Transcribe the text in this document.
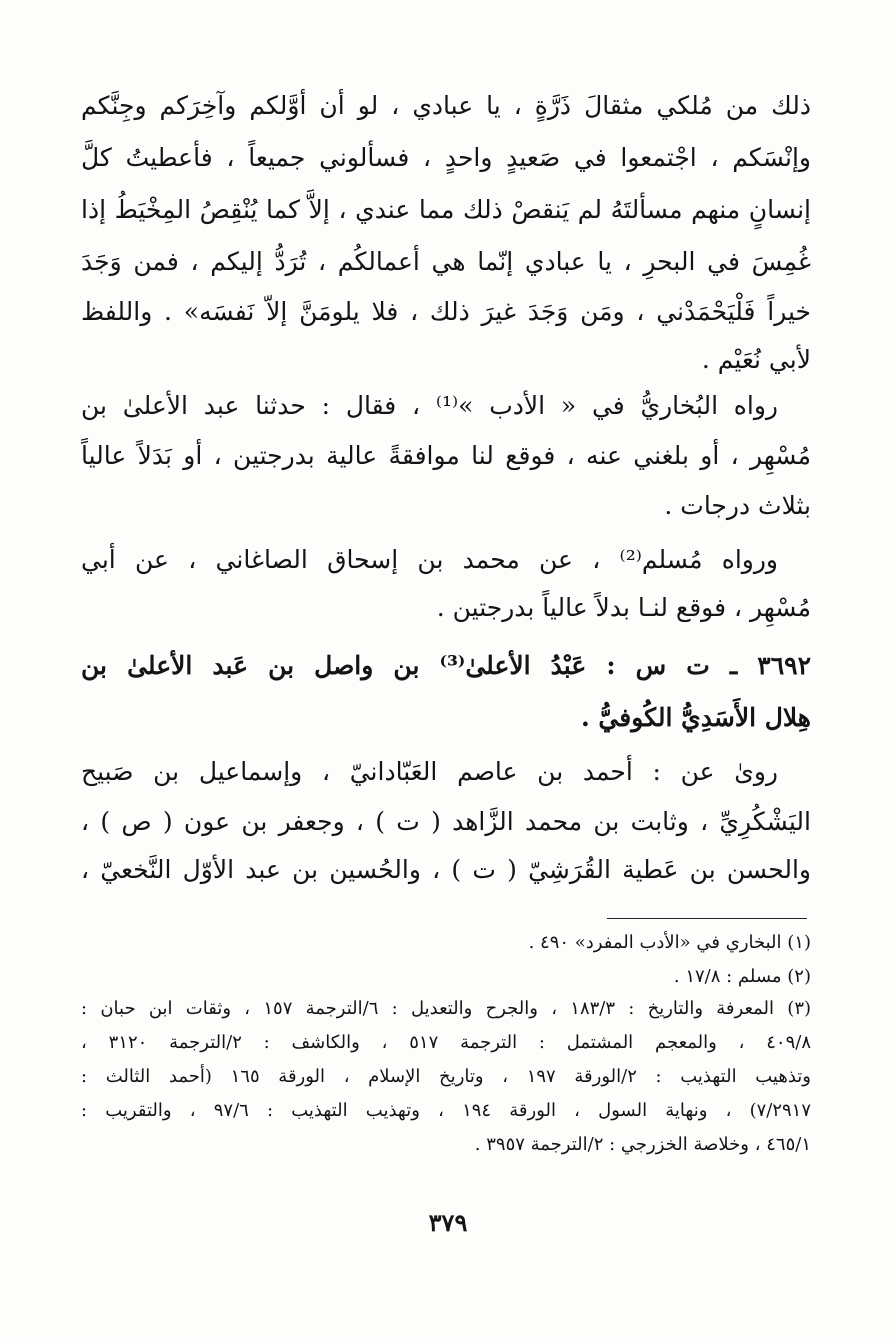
ذلك من مُلكي مثقالَ ذَرَّةٍ ، يا عبادي ، لو أن أوَّلكم وآخِرَكم وجِنَّكم
وإنْسَكم ، اجْتمعوا في صَعيدٍ واحدٍ ، فسألوني جميعاً ، فأعطيتُ كلَّ
إنسانٍ منهم مسألتَهُ لم يَنقصْ ذلك مما عندي ، إلاَّ كما يُنْقِصُ المِخْيَطُ إذا
غُمِسَ في البحرِ ، يا عبادي إنّما هي أعمالكُم ، تُرَدُّ إليكم ، فمن وَجَدَ
خيراً فَلْيَحْمَدْني ، ومَن وَجَدَ غيرَ ذلك ، فلا يلومَنَّ إلاّ نَفسَه» . واللفظ
لأبي نُعَيْم .
رواه البُخاريُّ في « الأدب »⁽¹⁾ ، فقال : حدثنا عبد الأعلىٰ بن
مُسْهِر ، أو بلغني عنه ، فوقع لنا موافقةً عالية بدرجتين ، أو بَدَلاً عالياً
بثلاث درجات .
ورواه مُسلم⁽²⁾ ، عن محمد بن إسحاق الصاغاني ، عن أبي
مُسْهِر ، فوقع لنـا بدلاً عالياً بدرجتين .
٣٦٩٢ ـ ت س : عَبْدُ الأعلىٰ⁽³⁾ بن واصل بن عَبد الأعلىٰ بن
هِلال الأَسَدِيُّ الكُوفيُّ .
روىٰ عن : أحمد بن عاصم العَبّادانيّ ، وإسماعيل بن صَبيح
اليَشْكُرِيِّ ، وثابت بن محمد الزَّاهد ( ت ) ، وجعفر بن عون ( ص ) ،
والحسن بن عَطية القُرَشِيّ ( ت ) ، والحُسين بن عبد الأوّل النَّخعيّ ،
(١) البخاري في «الأدب المفرد» ٤٩٠ .
(٢) مسلم : ١٧/٨ .
(٣) المعرفة والتاريخ : ١٨٣/٣ ، والجرح والتعديل : ٦/الترجمة ١٥٧ ، وثقات ابن حبان :
٤٠٩/٨ ، والمعجم المشتمل : الترجمة ٥١٧ ، والكاشف : ٢/الترجمة ٣١٢٠ ،
وتذهيب التهذيب : ٢/الورقة ١٩٧ ، وتاريخ الإسلام ، الورقة ١٦٥ (أحمد الثالث :
٧/٢٩١٧) ، ونهاية السول ، الورقة ١٩٤ ، وتهذيب التهذيب : ٩٧/٦ ، والتقريب :
٤٦٥/١ ، وخلاصة الخزرجي : ٢/الترجمة ٣٩٥٧ .
٣٧٩
